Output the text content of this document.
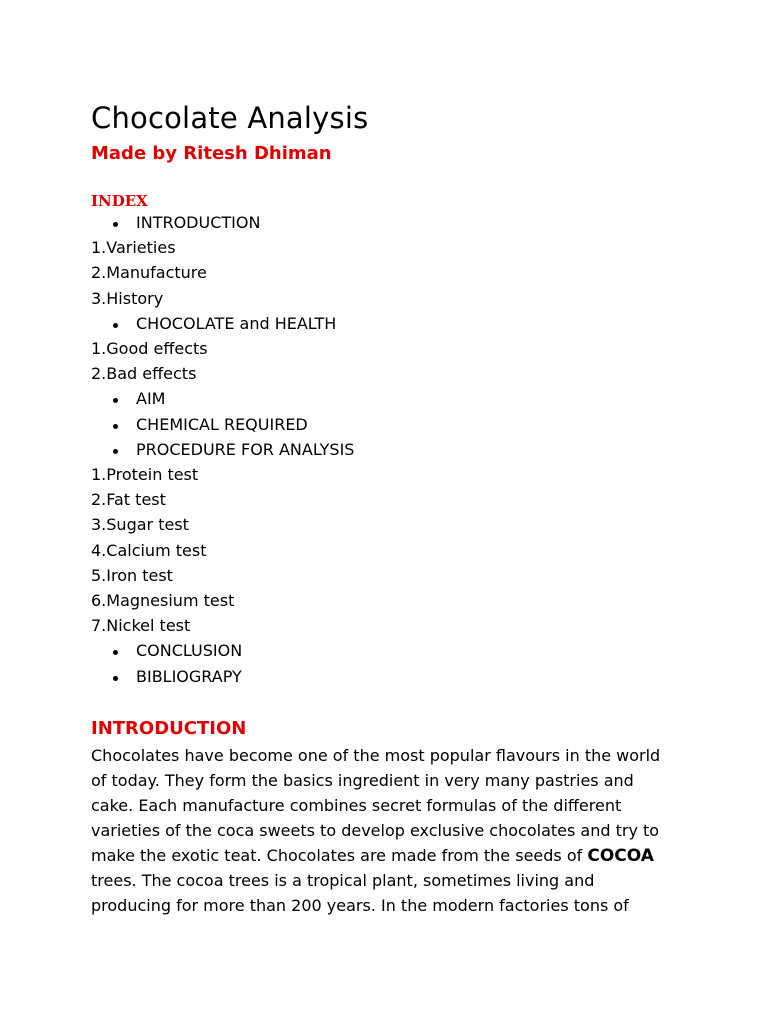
Chocolate Analysis
Made by Ritesh Dhiman
INDEX
INTRODUCTION
1.Varieties
2.Manufacture
3.History
CHOCOLATE and HEALTH
1.Good effects
2.Bad effects
AIM
CHEMICAL REQUIRED
PROCEDURE FOR ANALYSIS
1.Protein test
2.Fat test
3.Sugar test
4.Calcium test
5.Iron test
6.Magnesium test
7.Nickel test
CONCLUSION
BIBLIOGRAPY
INTRODUCTION
Chocolates have become one of the most popular flavours in the world
of today. They form the basics ingredient in very many pastries and
cake. Each manufacture combines secret formulas of the different
varieties of the coca sweets to develop exclusive chocolates and try to
make the exotic teat. Chocolates are made from the seeds of COCOA
trees. The cocoa trees is a tropical plant, sometimes living and
producing for more than 200 years. In the modern factories tons of
